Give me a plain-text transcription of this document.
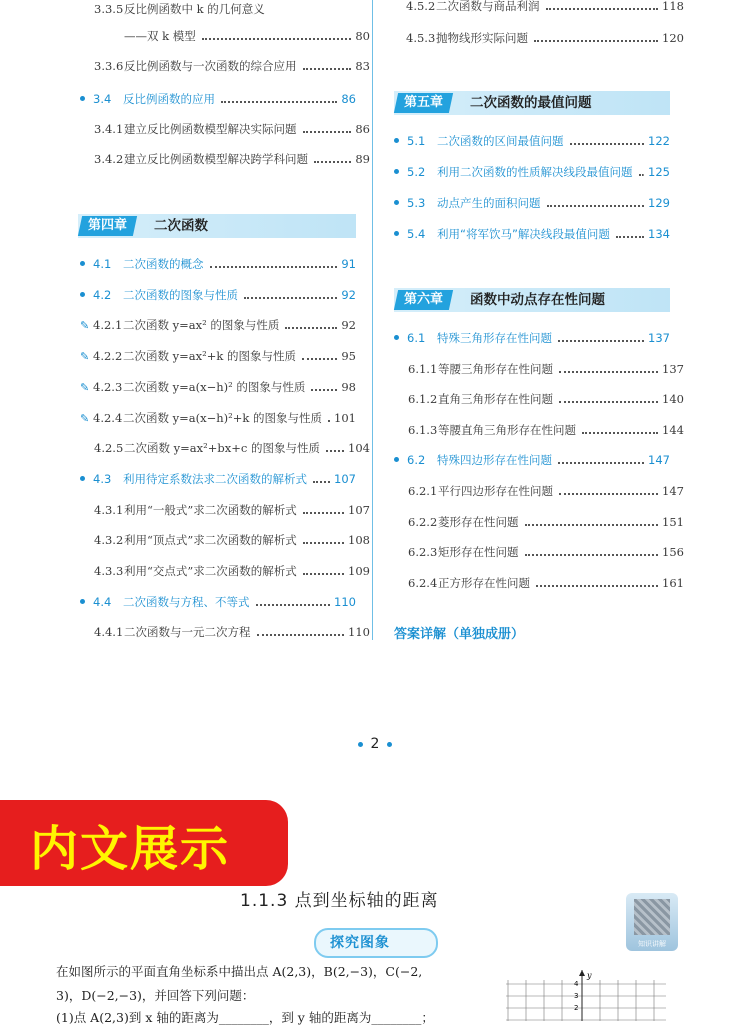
3.3.5反比例函数中 k 的几何意义
——双 k 模型	80
3.3.6反比例函数与一次函数的综合应用	83
3.4 反比例函数的应用	86
3.4.1建立反比例函数模型解决实际问题	86
3.4.2建立反比例函数模型解决跨学科问题	89
4.1 二次函数的概念	91
4.2 二次函数的图象与性质	92
✎ 4.2.1二次函数 y=ax² 的图象与性质	92
✎ 4.2.2二次函数 y=ax²+k 的图象与性质	95
✎ 4.2.3二次函数 y=a(x−h)² 的图象与性质	98
✎ 4.2.4二次函数 y=a(x−h)²+k 的图象与性质 101
4.2.5二次函数 y=ax²+bx+c 的图象与性质 104
4.3 利用待定系数法求二次函数的解析式 107
4.3.1利用“一般式”求二次函数的解析式	107
4.3.2利用“顶点式”求二次函数的解析式	108
4.3.3利用“交点式”求二次函数的解析式	109
4.4 二次函数与方程、不等式	110
4.4.1二次函数与一元二次方程	110
4.5.2二次函数与商品利润	118
4.5.3抛物线形实际问题	120
5.1 二次函数的区间最值问题	122
5.2 利用二次函数的性质解决线段最值问题 125
5.3 动点产生的面积问题	129
5.4 利用“将军饮马”解决线段最值问题	134
6.1 特殊三角形存在性问题	137
6.1.1等腰三角形存在性问题	137
6.1.2直角三角形存在性问题	140
6.1.3等腰直角三角形存在性问题	144
6.2 特殊四边形存在性问题	147
6.2.1平行四边形存在性问题	147
6.2.2菱形存在性问题	151
6.2.3矩形存在性问题	156
6.2.4正方形存在性问题	161
第四章	二次函数
第五章	二次函数的最值问题
第六章	函数中动点存在性问题
答案详解（单独成册）
2
内文展示
1.1.3 点到坐标轴的距离
知识讲解
探究图象
在如图所示的平面直角坐标系中描出点 A(2,3)，B(2,−3)，C(−2,
3)，D(−2,−3)，并回答下列问题：
(1)点 A(2,3)到 x 轴的距离为________，到 y 轴的距离为________；
y
4
3
2
